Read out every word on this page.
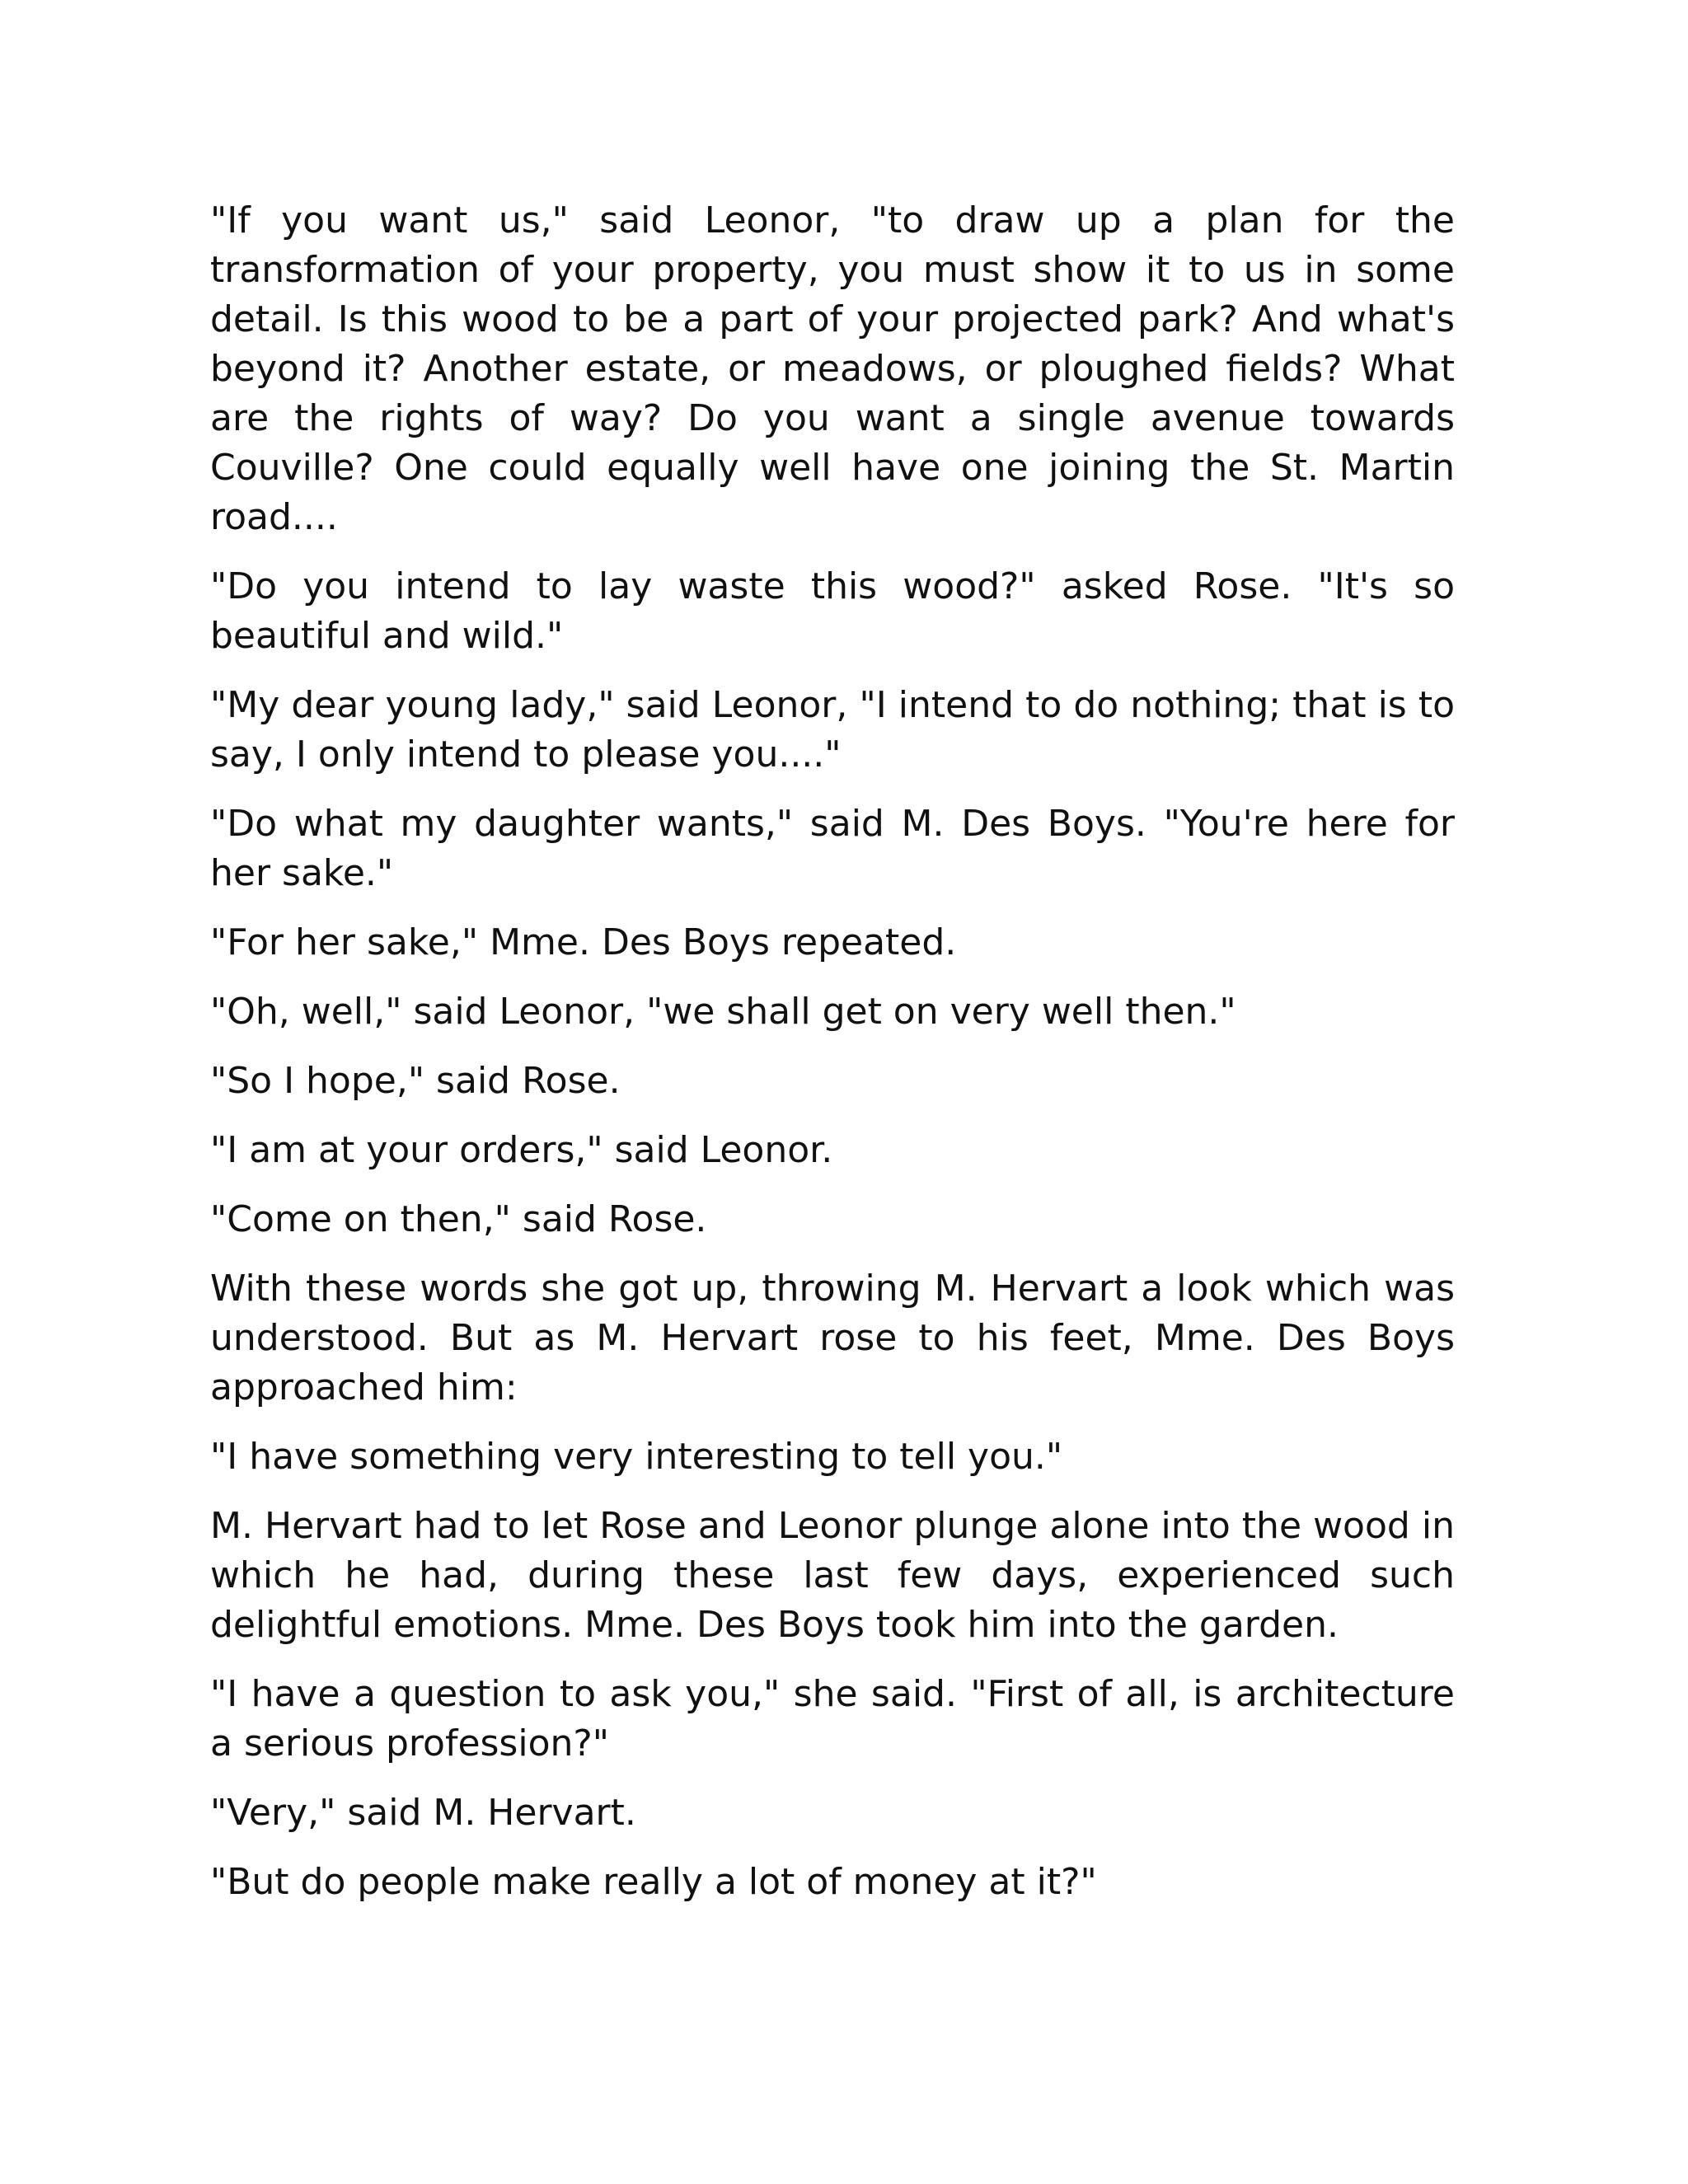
"If you want us," said Leonor, "to draw up a plan for the transformation of your property, you must show it to us in some detail. Is this wood to be a part of your projected park? And what's beyond it? Another estate, or meadows, or ploughed fields? What are the rights of way? Do you want a single avenue towards Couville? One could equally well have one joining the St. Martin road....

"Do you intend to lay waste this wood?" asked Rose. "It's so beautiful and wild."

"My dear young lady," said Leonor, "I intend to do nothing; that is to say, I only intend to please you...."

"Do what my daughter wants," said M. Des Boys. "You're here for her sake."

"For her sake," Mme. Des Boys repeated.

"Oh, well," said Leonor, "we shall get on very well then."

"So I hope," said Rose.

"I am at your orders," said Leonor.

"Come on then," said Rose.

With these words she got up, throwing M. Hervart a look which was understood. But as M. Hervart rose to his feet, Mme. Des Boys approached him:

"I have something very interesting to tell you."

M. Hervart had to let Rose and Leonor plunge alone into the wood in which he had, during these last few days, experienced such delightful emotions. Mme. Des Boys took him into the garden.

"I have a question to ask you," she said. "First of all, is architecture a serious profession?"

"Very," said M. Hervart.

"But do people make really a lot of money at it?"
